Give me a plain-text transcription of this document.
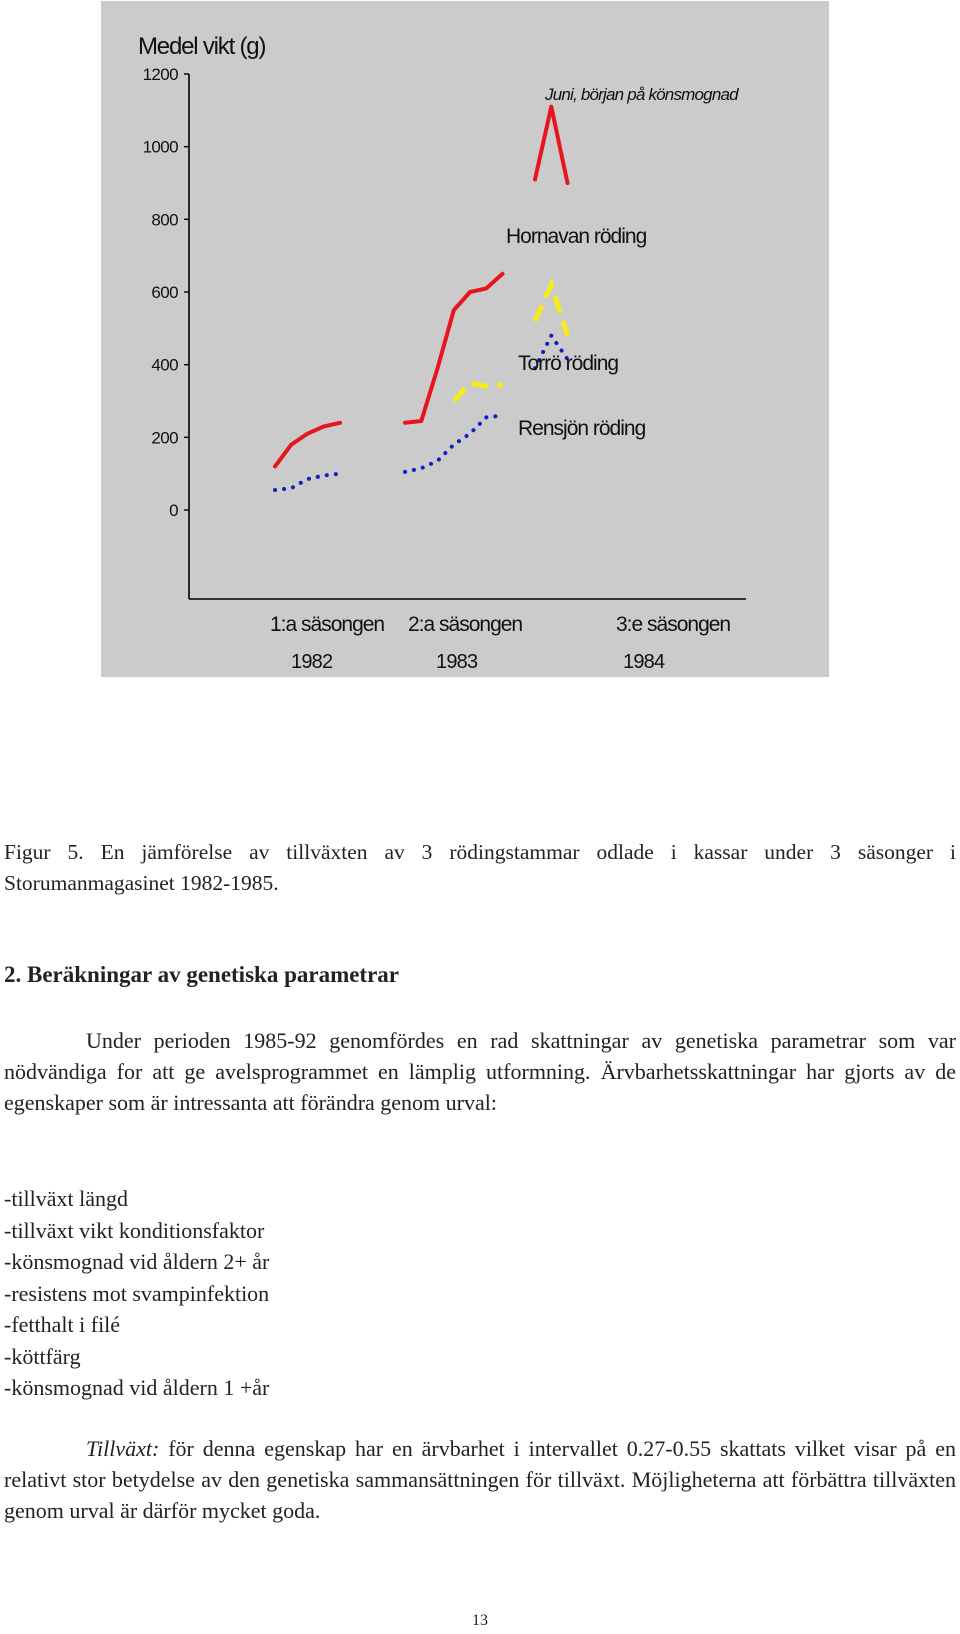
Medel vikt (g)
1200
1000
800
600
400
200
0
Juni, början på könsmognad
Hornavan röding
Torrö röding
Rensjön röding
1:a säsongen 2:a säsongen	3:e säsongen
1982	1983	1984

Figur 5. En jämförelse av tillväxten av 3 rödingstammar odlade i kassar under 3 säsonger i Storumanmagasinet 1982-1985.

2. Beräkningar av genetiska parametrar

Under perioden 1985-92 genomfördes en rad skattningar av genetiska parametrar som var nödvändiga for att ge avelsprogrammet en lämplig utformning. Ärvbarhetsskattningar har gjorts av de egenskaper som är intressanta att förändra genom urval:

-tillväxt längd
-tillväxt vikt konditionsfaktor
-könsmognad vid åldern 2+ år
-resistens mot svampinfektion
-fetthalt i filé
-köttfärg
-könsmognad vid åldern 1 +år

Tillväxt: för denna egenskap har en ärvbarhet i intervallet 0.27-0.55 skattats vilket visar på en relativt stor betydelse av den genetiska sammansättningen för tillväxt. Möjligheterna att förbättra tillväxten genom urval är därför mycket goda.

13
